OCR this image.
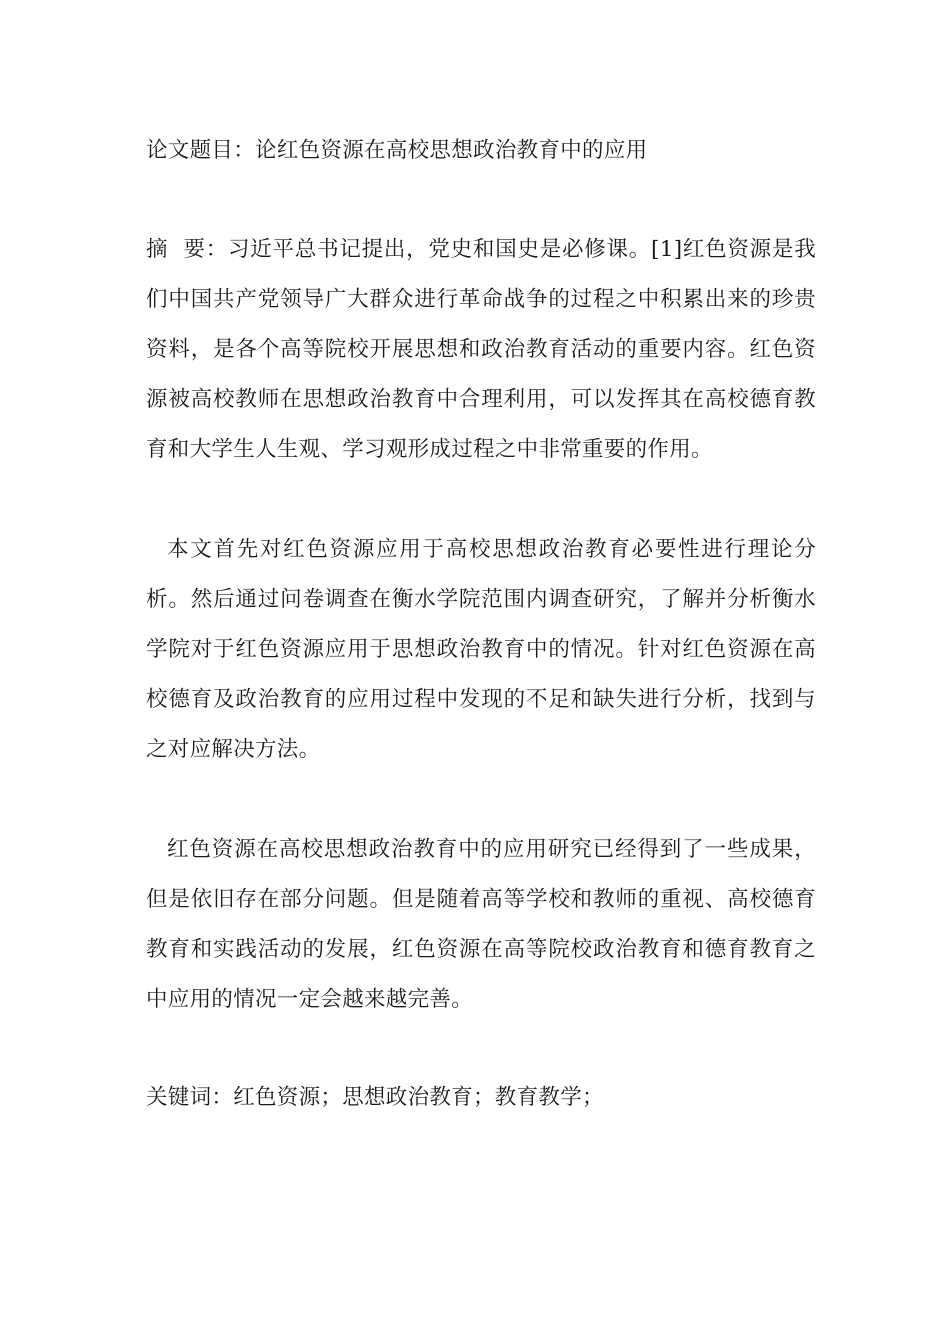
论文题目：论红色资源在高校思想政治教育中的应用

摘  要：习近平总书记提出，党史和国史是必修课。[1]红色资源是我们中国共产党领导广大群众进行革命战争的过程之中积累出来的珍贵资料，是各个高等院校开展思想和政治教育活动的重要内容。红色资源被高校教师在思想政治教育中合理利用，可以发挥其在高校德育教育和大学生人生观、学习观形成过程之中非常重要的作用。

本文首先对红色资源应用于高校思想政治教育必要性进行理论分析。然后通过问卷调查在衡水学院范围内调查研究，了解并分析衡水学院对于红色资源应用于思想政治教育中的情况。针对红色资源在高校德育及政治教育的应用过程中发现的不足和缺失进行分析，找到与之对应解决方法。

红色资源在高校思想政治教育中的应用研究已经得到了一些成果，但是依旧存在部分问题。但是随着高等学校和教师的重视、高校德育教育和实践活动的发展，红色资源在高等院校政治教育和德育教育之中应用的情况一定会越来越完善。

关键词：红色资源；思想政治教育；教育教学；
